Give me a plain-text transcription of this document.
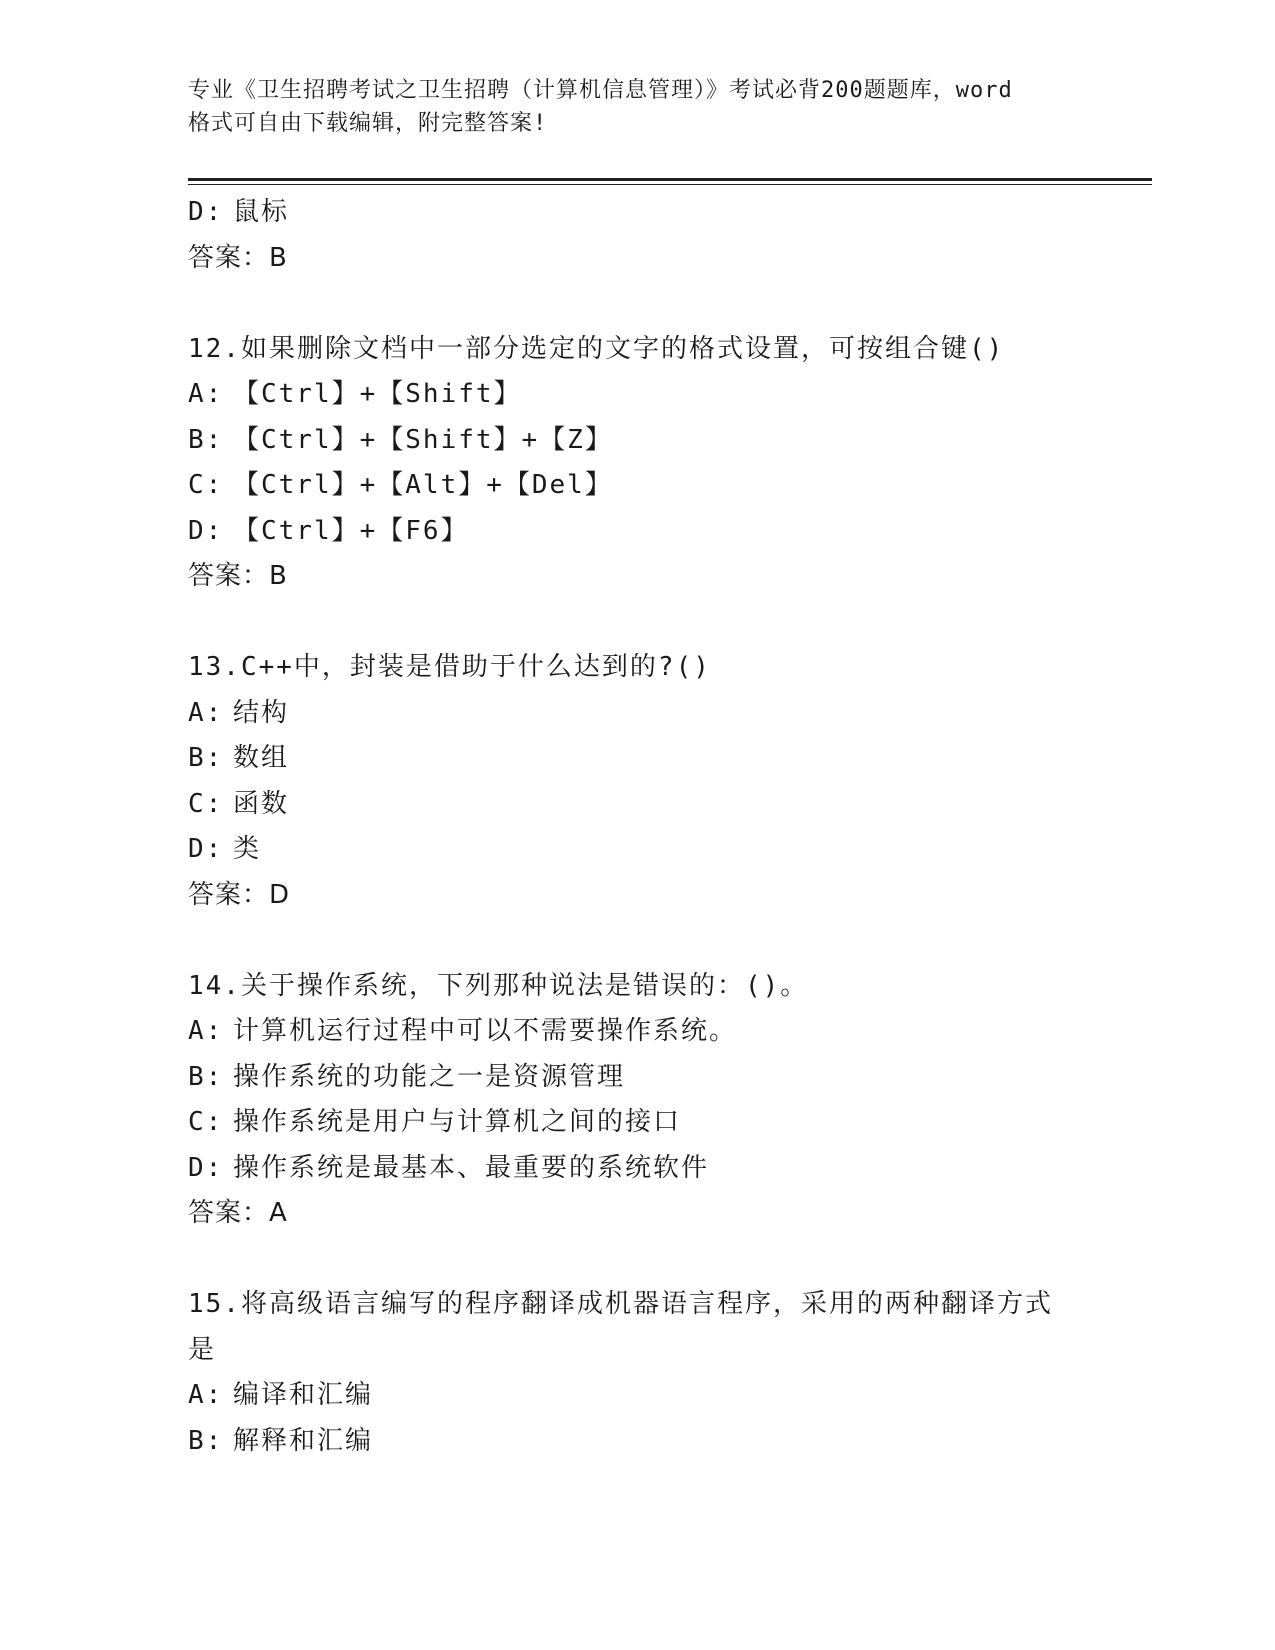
专业《卫生招聘考试之卫生招聘（计算机信息管理）》考试必背200题题库，word
格式可自由下载编辑，附完整答案!
D: 鼠标
答案：B
12.如果删除文档中一部分选定的文字的格式设置，可按组合键()
A: 【Ctrl】+【Shift】
B: 【Ctrl】+【Shift】+【Z】
C: 【Ctrl】+【Alt】+【Del】
D: 【Ctrl】+【F6】
答案：B
13.C++中，封装是借助于什么达到的?()
A: 结构
B: 数组
C: 函数
D: 类
答案：D
14.关于操作系统，下列那种说法是错误的：()。
A: 计算机运行过程中可以不需要操作系统。
B: 操作系统的功能之一是资源管理
C: 操作系统是用户与计算机之间的接口
D: 操作系统是最基本、最重要的系统软件
答案：A
15.将高级语言编写的程序翻译成机器语言程序，采用的两种翻译方式
是
A: 编译和汇编
B: 解释和汇编
